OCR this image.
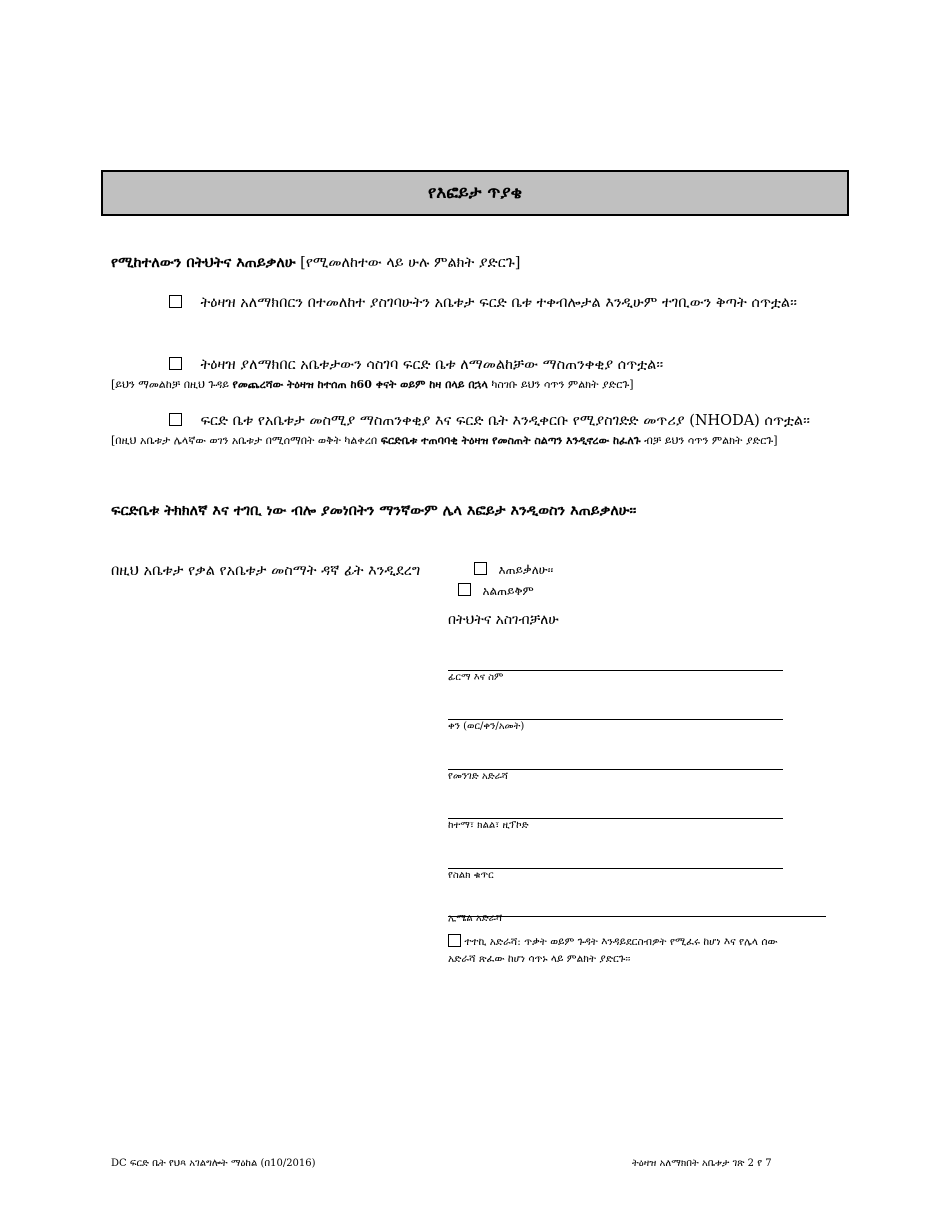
የእፎይታ ጥያቄ
የሚከተለውን በትህትና እጠይቃለሁ [የሚመለከተው ላይ ሁሉ ምልክት ያድርጉ]
ትዕዛዝ አለማክበርን በተመለከተ ያስገባሁትን አቤቱታ ፍርድ ቤቱ ተቀብሎታል እንዲሁም ተገቢውን ቅጣት ሰጥቷል፡፡
ትዕዛዝ ያለማክበር አቤቱታውን ሳስገባ ፍርድ ቤቱ ለማመልከቻው ማስጠንቀቂያ ሰጥቷል፡፡
[ይህን ማመልከቻ በዚህ ጉዳይ የመጨረሻው ትዕዛዝ ከተሰጠ ከ60 ቀናት ወይም ከዛ በላይ በኋላ ካስገቡ ይህን ሳጥን ምልክት ያድርጉ]
ፍርድ ቤቱ የአቤቱታ መስሚያ ማስጠንቀቂያ እና ፍርድ ቤት እንዲቀርቡ የሚያስገድድ መጥሪያ (NHODA) ሰጥቷል፡፡
[በዚህ አቤቱታ ሌላኛው ወገን አቤቱታ በሚሰማበት ወቅት ካልቀረበ ፍርድቤቱ ተጠባባቂ ትዕዛዝ የመስጠት ስልጣን እንዲኖረው ከፈለጉ ብቻ ይህን ሳጥን ምልክት ያድርጉ]
ፍርድቤቱ ትክክለኛ እና ተገቢ ነው ብሎ ያመነበትን ማንኛውም ሌላ እፎይታ እንዲወስን እጠይቃለሁ፡፡
በዚህ አቤቱታ የቃል የአቤቱታ መስማት ዳኛ ፊት እንዲደረግ	እጠይቃለሁ፡፡
አልጠይቅም
በትህትና አስገብቻለሁ
ፊርማ እና ስም
ቀን (ወር/ቀን/አመት)
የመንገድ አድራሻ
ከተማ፣ ክልል፣ ዚፕኮድ
የስልክ ቁጥር
ኢሜል አድራሻ
ተተኪ አድራሻ: ጥቃት ወይም ጉዳት እንዳይደርስብዎት የሚፈሩ ከሆነ እና የሌላ ሰው አድራሻ ጽፈው ከሆነ ሳጥኑ ላይ ምልክት ያድርጉ፡፡
DC ፍርድ ቤት የህጻ አገልግሎት ማዕከል (በ10/2016)	ትዕዛዝ አለማክበት አቤቱታ ገጽ 2 የ 7
